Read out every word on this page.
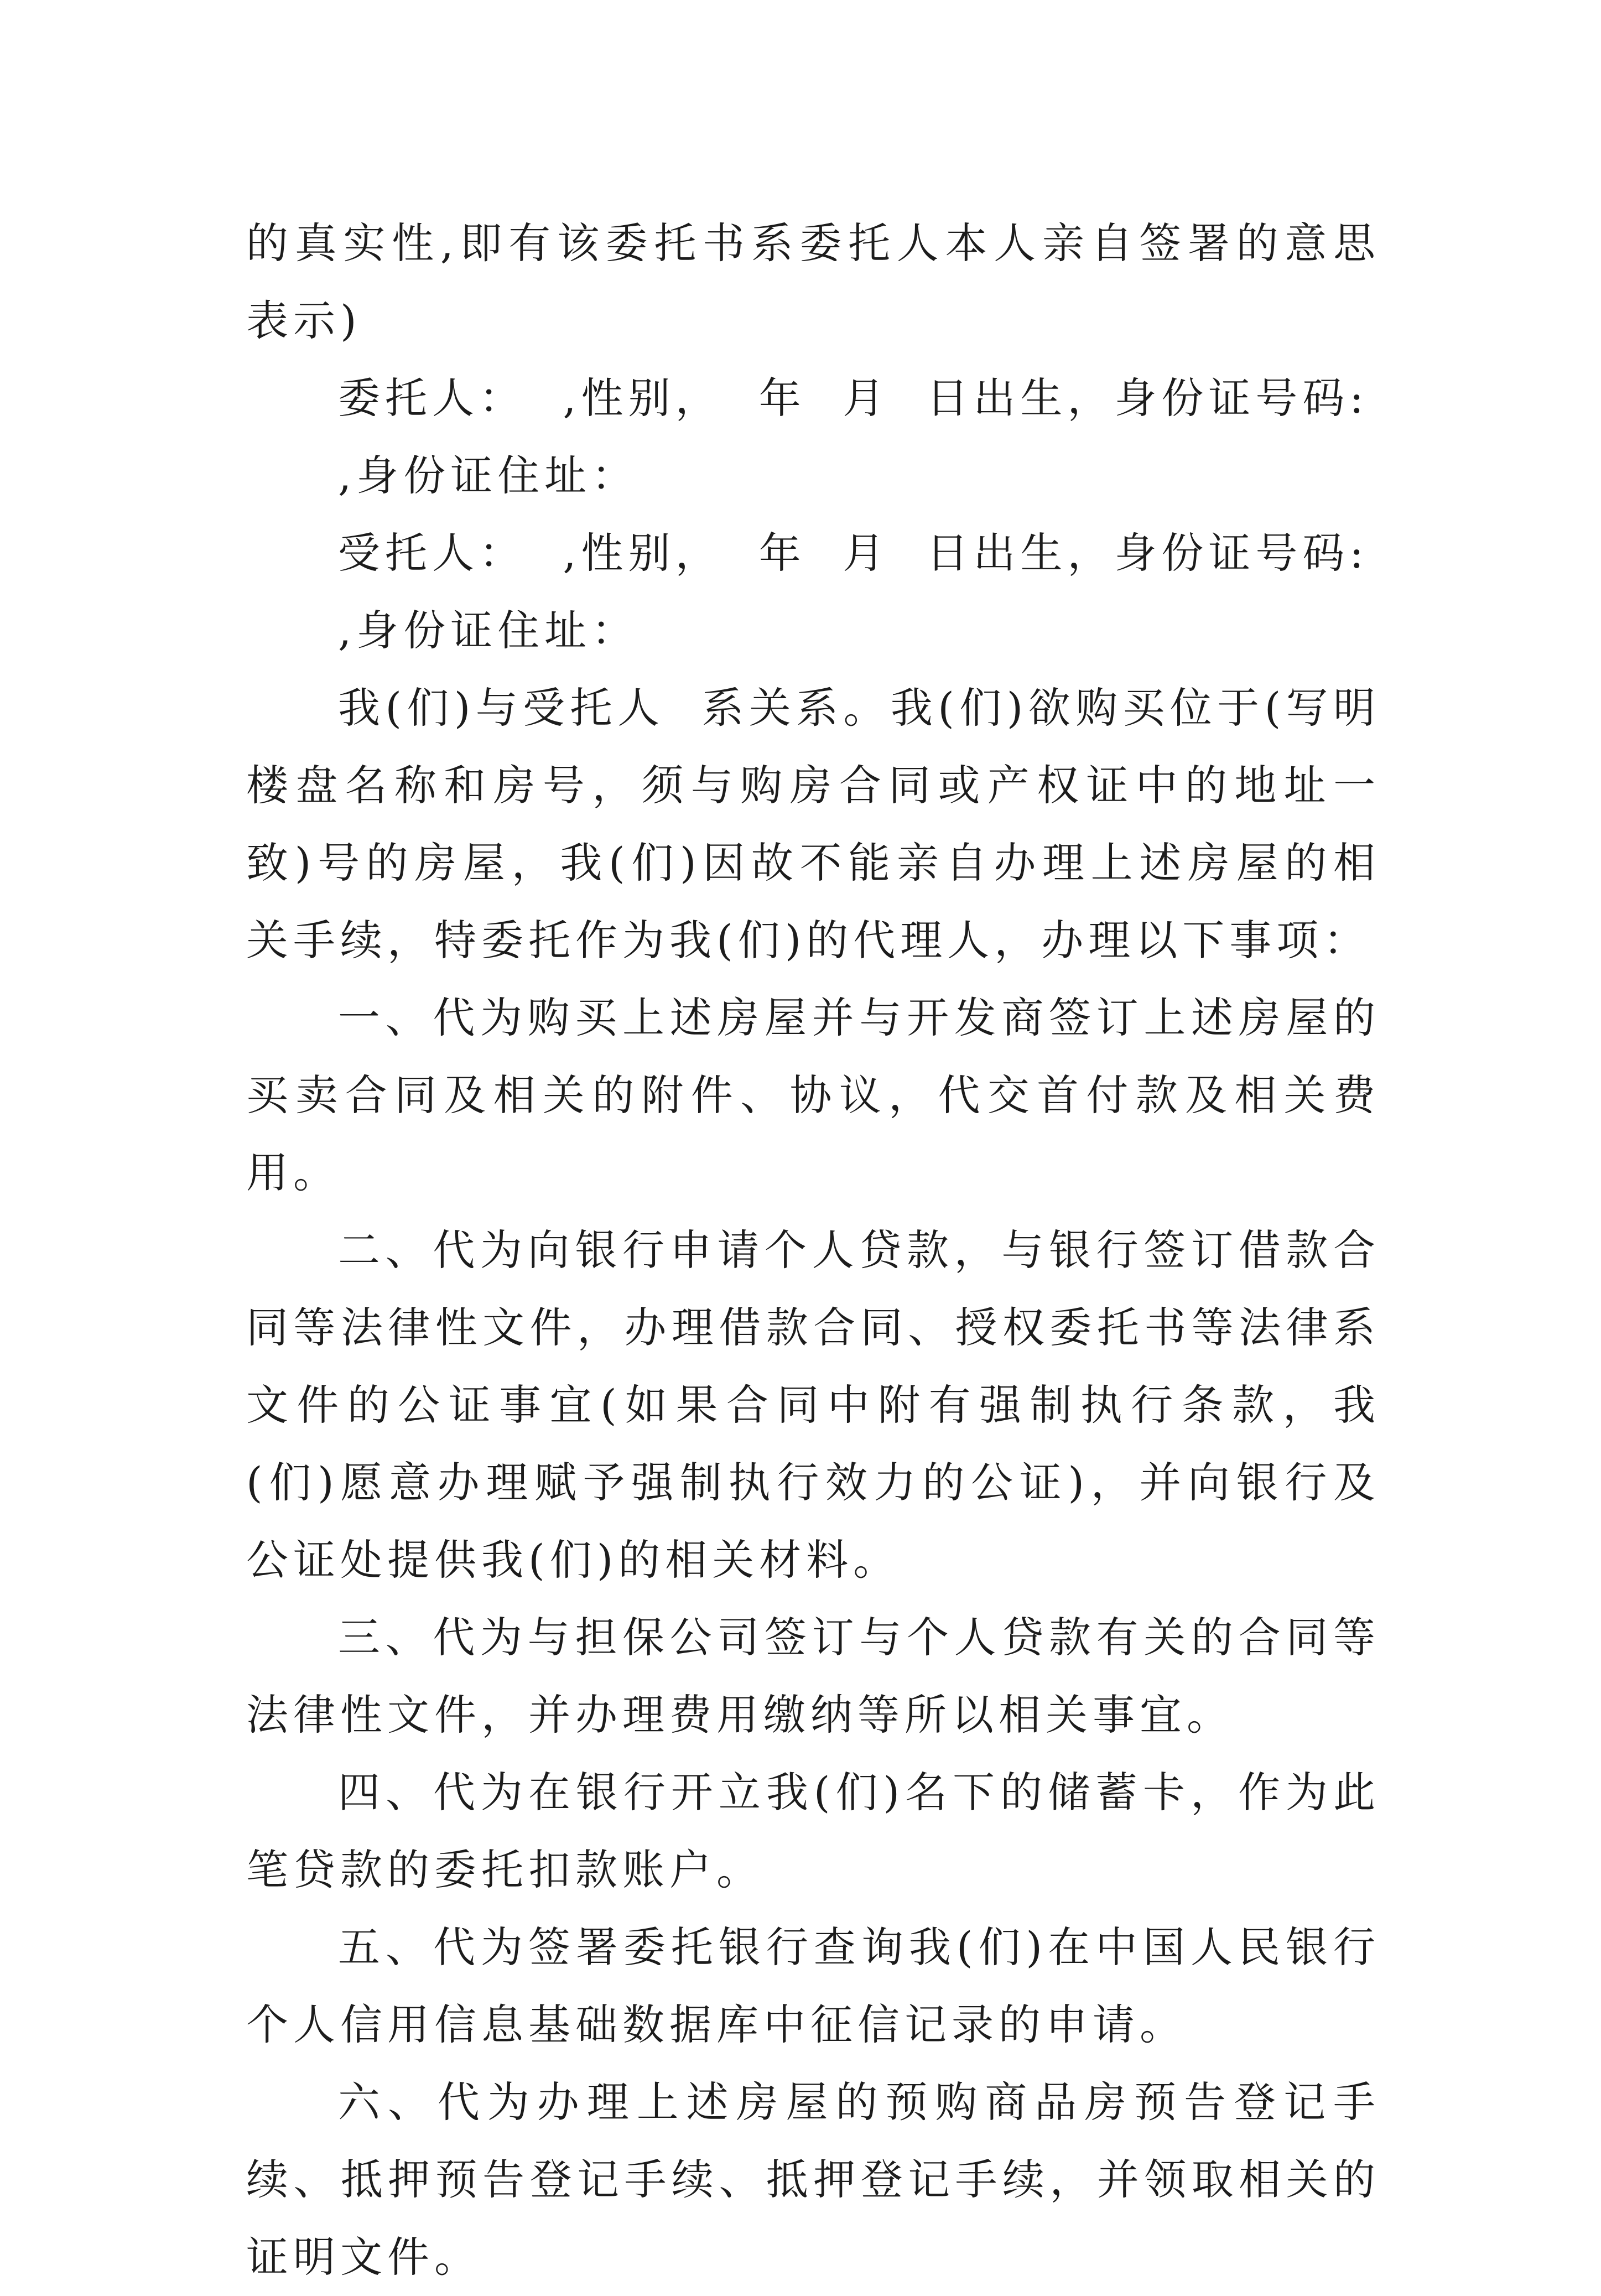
的真实性,即有该委托书系委托人本人亲自签署的意思表示)

委托人：  ,性别，  年  月  日出生，身份证号码:

,身份证住址：

受托人：  ,性别，  年  月  日出生，身份证号码:

,身份证住址：

我(们)与受托人  系关系。我(们)欲购买位于(写明楼盘名称和房号，须与购房合同或产权证中的地址一致)号的房屋，我(们)因故不能亲自办理上述房屋的相关手续，特委托作为我(们)的代理人，办理以下事项：

一、代为购买上述房屋并与开发商签订上述房屋的买卖合同及相关的附件、协议，代交首付款及相关费用。

二、代为向银行申请个人贷款，与银行签订借款合同等法律性文件，办理借款合同、授权委托书等法律系文件的公证事宜(如果合同中附有强制执行条款，我(们)愿意办理赋予强制执行效力的公证)，并向银行及公证处提供我(们)的相关材料。

三、代为与担保公司签订与个人贷款有关的合同等法律性文件，并办理费用缴纳等所以相关事宜。

四、代为在银行开立我(们)名下的储蓄卡，作为此笔贷款的委托扣款账户。

五、代为签署委托银行查询我(们)在中国人民银行个人信用信息基础数据库中征信记录的申请。

六、代为办理上述房屋的预购商品房预告登记手续、抵押预告登记手续、抵押登记手续，并领取相关的证明文件。
